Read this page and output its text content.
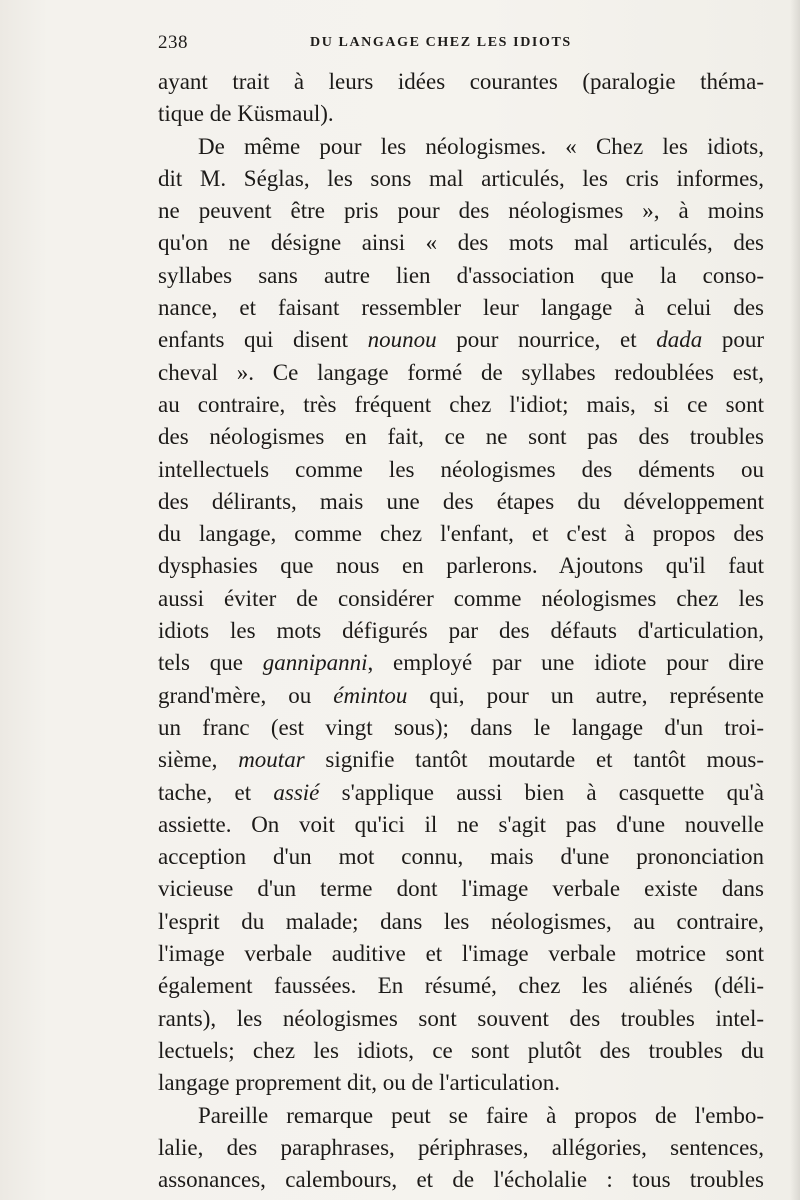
238	DU LANGAGE CHEZ LES IDIOTS
ayant trait à leurs idées courantes (paralogie théma-
tique de Küsmaul).
De même pour les néologismes. « Chez les idiots,
dit M. Séglas, les sons mal articulés, les cris informes,
ne peuvent être pris pour des néologismes », à moins
qu'on ne désigne ainsi « des mots mal articulés, des
syllabes sans autre lien d'association que la conso-
nance, et faisant ressembler leur langage à celui des
enfants qui disent nounou pour nourrice, et dada pour
cheval ». Ce langage formé de syllabes redoublées est,
au contraire, très fréquent chez l'idiot; mais, si ce sont
des néologismes en fait, ce ne sont pas des troubles
intellectuels comme les néologismes des déments ou
des délirants, mais une des étapes du développement
du langage, comme chez l'enfant, et c'est à propos des
dysphasies que nous en parlerons. Ajoutons qu'il faut
aussi éviter de considérer comme néologismes chez les
idiots les mots défigurés par des défauts d'articulation,
tels que gannipanni, employé par une idiote pour dire
grand'mère, ou émintou qui, pour un autre, représente
un franc (est vingt sous); dans le langage d'un troi-
sième, moutar signifie tantôt moutarde et tantôt mous-
tache, et assié s'applique aussi bien à casquette qu'à
assiette. On voit qu'ici il ne s'agit pas d'une nouvelle
acception d'un mot connu, mais d'une prononciation
vicieuse d'un terme dont l'image verbale existe dans
l'esprit du malade; dans les néologismes, au contraire,
l'image verbale auditive et l'image verbale motrice sont
également faussées. En résumé, chez les aliénés (déli-
rants), les néologismes sont souvent des troubles intel-
lectuels; chez les idiots, ce sont plutôt des troubles du
langage proprement dit, ou de l'articulation.
Pareille remarque peut se faire à propos de l'embo-
lalie, des paraphrases, périphrases, allégories, sentences,
assonances, calembours, et de l'écholalie : tous troubles
